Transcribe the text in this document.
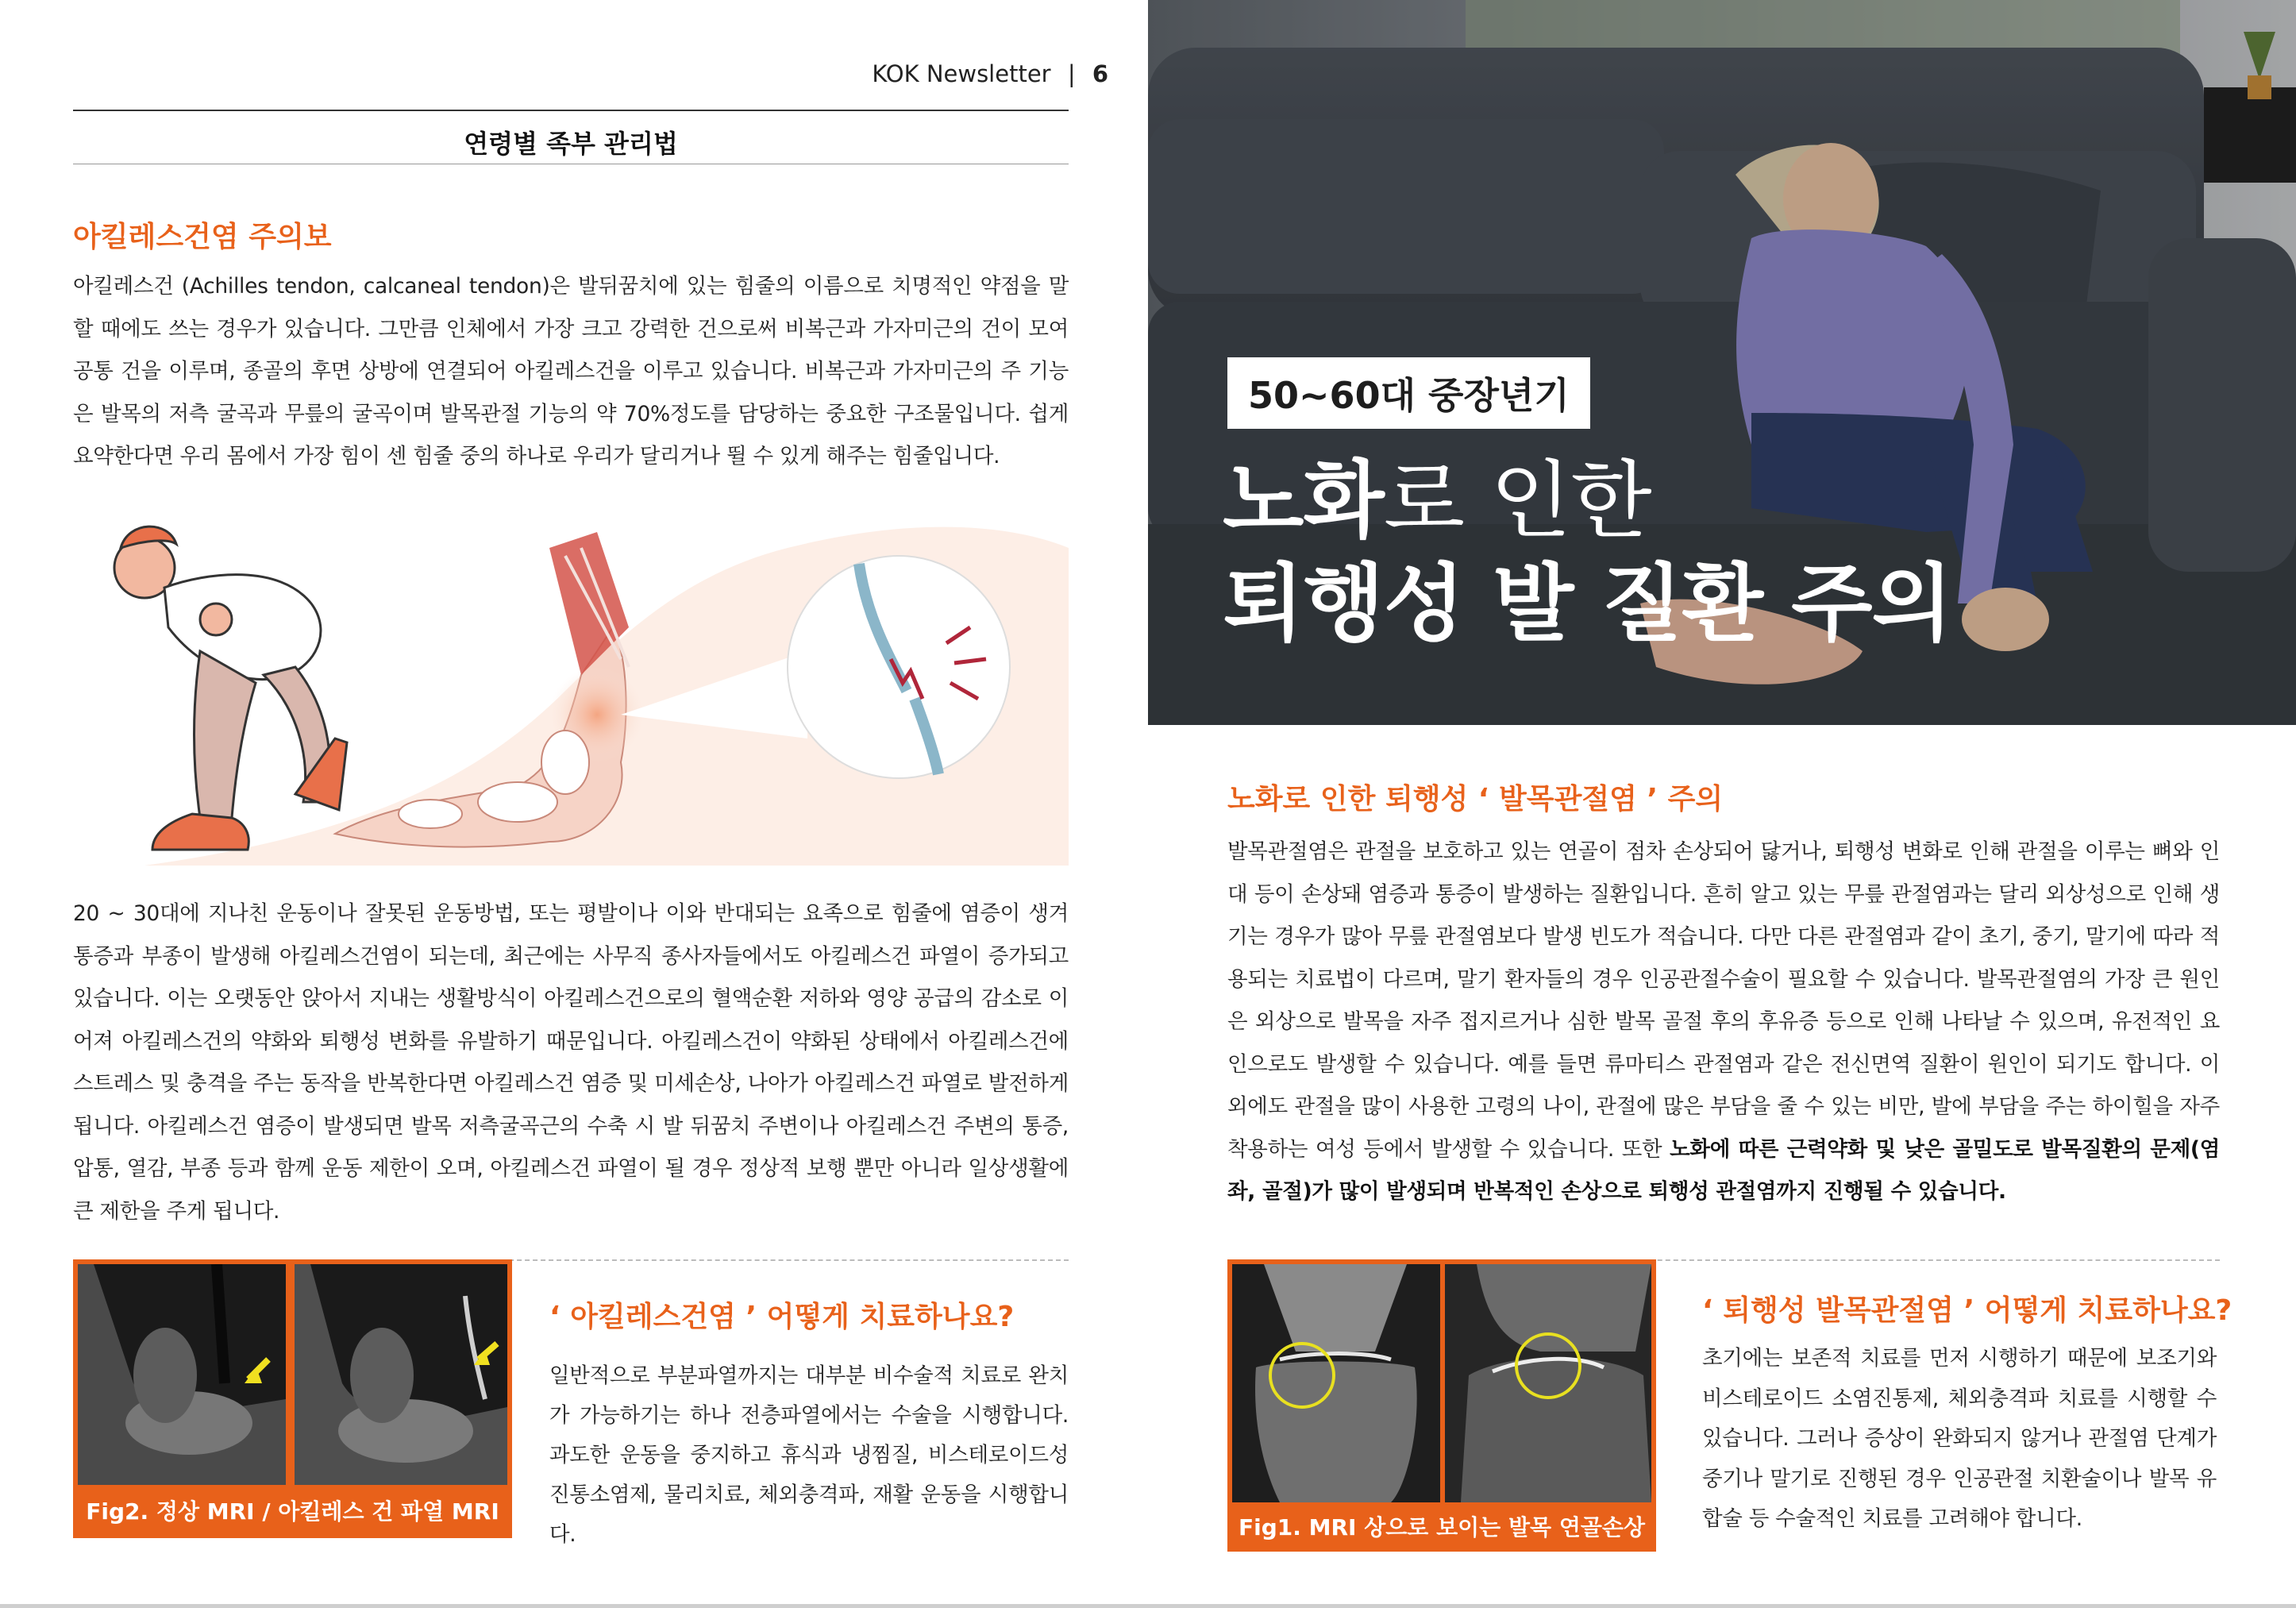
KOK Newsletter | 6
연령별 족부 관리법
아킬레스건염 주의보
아킬레스건 (Achilles tendon, calcaneal tendon)은 발뒤꿈치에 있는 힘줄의 이름으로 치명적인 약점을 말할 때에도 쓰는 경우가 있습니다. 그만큼 인체에서 가장 크고 강력한 건으로써 비복근과 가자미근의 건이 모여 공통 건을 이루며, 종골의 후면 상방에 연결되어 아킬레스건을 이루고 있습니다. 비복근과 가자미근의 주 기능은 발목의 저측 굴곡과 무릎의 굴곡이며 발목관절 기능의 약 70%정도를 담당하는 중요한 구조물입니다. 쉽게 요약한다면 우리 몸에서 가장 힘이 센 힘줄 중의 하나로 우리가 달리거나 뛸 수 있게 해주는 힘줄입니다.
20 ~ 30대에 지나친 운동이나 잘못된 운동방법, 또는 평발이나 이와 반대되는 요족으로 힘줄에 염증이 생겨 통증과 부종이 발생해 아킬레스건염이 되는데, 최근에는 사무직 종사자들에서도 아킬레스건 파열이 증가되고 있습니다. 이는 오랫동안 앉아서 지내는 생활방식이 아킬레스건으로의 혈액순환 저하와 영양 공급의 감소로 이어져 아킬레스건의 약화와 퇴행성 변화를 유발하기 때문입니다. 아킬레스건이 약화된 상태에서 아킬레스건에 스트레스 및 충격을 주는 동작을 반복한다면 아킬레스건 염증 및 미세손상, 나아가 아킬레스건 파열로 발전하게 됩니다. 아킬레스건 염증이 발생되면 발목 저측굴곡근의 수축 시 발 뒤꿈치 주변이나 아킬레스건 주변의 통증, 압통, 열감, 부종 등과 함께 운동 제한이 오며, 아킬레스건 파열이 될 경우 정상적 보행 뿐만 아니라 일상생활에 큰 제한을 주게 됩니다.
Fig2. 정상 MRI / 아킬레스 건 파열 MRI
‘ 아킬레스건염 ’ 어떻게 치료하나요?
일반적으로 부분파열까지는 대부분 비수술적 치료로 완치가 가능하기는 하나 전층파열에서는 수술을 시행합니다. 과도한 운동을 중지하고 휴식과 냉찜질, 비스테로이드성 진통소염제, 물리치료, 체외충격파, 재활 운동을 시행합니다.
50~60대 중장년기
노화로 인한
퇴행성 발 질환 주의
노화로 인한 퇴행성 ‘ 발목관절염 ’ 주의
발목관절염은 관절을 보호하고 있는 연골이 점차 손상되어 닳거나, 퇴행성 변화로 인해 관절을 이루는 뼈와 인대 등이 손상돼 염증과 통증이 발생하는 질환입니다. 흔히 알고 있는 무릎 관절염과는 달리 외상성으로 인해 생기는 경우가 많아 무릎 관절염보다 발생 빈도가 적습니다. 다만 다른 관절염과 같이 초기, 중기, 말기에 따라 적용되는 치료법이 다르며, 말기 환자들의 경우 인공관절수술이 필요할 수 있습니다. 발목관절염의 가장 큰 원인은 외상으로 발목을 자주 접지르거나 심한 발목 골절 후의 후유증 등으로 인해 나타날 수 있으며, 유전적인 요인으로도 발생할 수 있습니다. 예를 들면 류마티스 관절염과 같은 전신면역 질환이 원인이 되기도 합니다. 이 외에도 관절을 많이 사용한 고령의 나이, 관절에 많은 부담을 줄 수 있는 비만, 발에 부담을 주는 하이힐을 자주 착용하는 여성 등에서 발생할 수 있습니다. 또한 노화에 따른 근력약화 및 낮은 골밀도로 발목질환의 문제(염좌, 골절)가 많이 발생되며 반복적인 손상으로 퇴행성 관절염까지 진행될 수 있습니다.
Fig1. MRI 상으로 보이는 발목 연골손상
‘ 퇴행성 발목관절염 ’ 어떻게 치료하나요?
초기에는 보존적 치료를 먼저 시행하기 때문에 보조기와 비스테로이드 소염진통제, 체외충격파 치료를 시행할 수 있습니다. 그러나 증상이 완화되지 않거나 관절염 단계가 중기나 말기로 진행된 경우 인공관절 치환술이나 발목 유합술 등 수술적인 치료를 고려해야 합니다.
